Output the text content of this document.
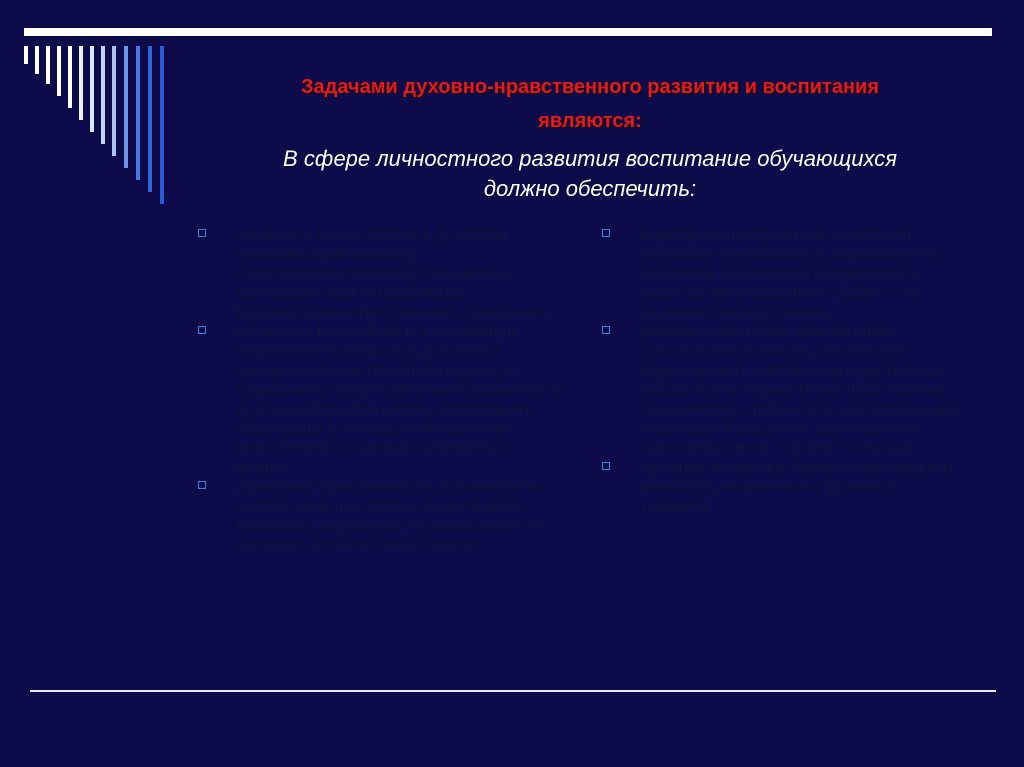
Задачами духовно-нравственного развития и воспитания
являются:

В сфере личностного развития воспитание обучающихся
должно обеспечить:

готовность и способность к духовному развитию, нравственному самосовершенствованию, самооценке, пониманию смысла своей жизни, индивидуально-ответственному поведению;
готовность и способность к реализации творческого потенциала в духовной и предметно-продуктивной деятельности, социальной и профессиональной мобильности на основе моральных норм, непрерывного образования и универсальной духовно-нравственной установки «становиться лучше»;
укрепление нравственности, основанной на свободе, воле и духовных отечественных традициях, внутренней установке личности поступать согласно своей совести;
формирование морали как осознанной личностью необходимости определённого поведения, основанного на принятых в обществе представлениях о добре и зле, должном и недопустимом;
развитие совести как нравственного самосознания личности, способности формулировать собственные нравственные обязательства, осуществлять нравственный самоконтроль, требовать от себя выполнения моральных норм, давать нравственную самооценку своим и чужим поступкам;
принятие личностью базовых национальных ценностей, национальных духовных традиций;
